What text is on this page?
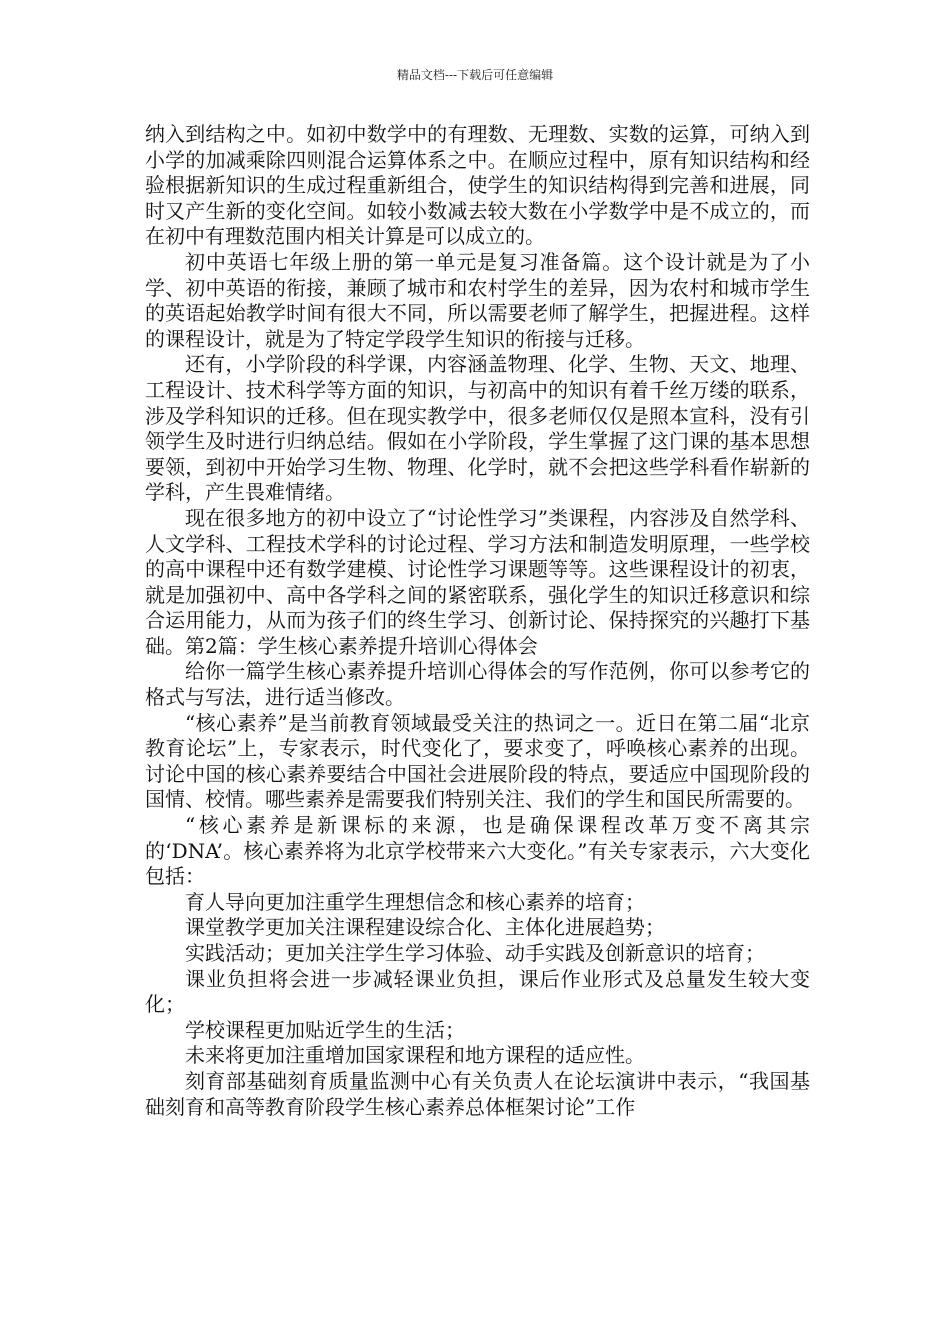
精品文档---下载后可任意编辑

纳入到结构之中。如初中数学中的有理数、无理数、实数的运算，可纳入到小学的加减乘除四则混合运算体系之中。在顺应过程中，原有知识结构和经验根据新知识的生成过程重新组合，使学生的知识结构得到完善和进展，同时又产生新的变化空间。如较小数减去较大数在小学数学中是不成立的，而在初中有理数范围内相关计算是可以成立的。

初中英语七年级上册的第一单元是复习准备篇。这个设计就是为了小学、初中英语的衔接，兼顾了城市和农村学生的差异，因为农村和城市学生的英语起始教学时间有很大不同，所以需要老师了解学生，把握进程。这样的课程设计，就是为了特定学段学生知识的衔接与迁移。

还有，小学阶段的科学课，内容涵盖物理、化学、生物、天文、地理、工程设计、技术科学等方面的知识，与初高中的知识有着千丝万缕的联系，涉及学科知识的迁移。但在现实教学中，很多老师仅仅是照本宣科，没有引领学生及时进行归纳总结。假如在小学阶段，学生掌握了这门课的基本思想要领，到初中开始学习生物、物理、化学时，就不会把这些学科看作崭新的学科，产生畏难情绪。

现在很多地方的初中设立了“讨论性学习”类课程，内容涉及自然学科、人文学科、工程技术学科的讨论过程、学习方法和制造发明原理，一些学校的高中课程中还有数学建模、讨论性学习课题等等。这些课程设计的初衷，就是加强初中、高中各学科之间的紧密联系，强化学生的知识迁移意识和综合运用能力，从而为孩子们的终生学习、创新讨论、保持探究的兴趣打下基础。第2篇：学生核心素养提升培训心得体会

给你一篇学生核心素养提升培训心得体会的写作范例，你可以参考它的格式与写法，进行适当修改。

“核心素养”是当前教育领域最受关注的热词之一。近日在第二届“北京教育论坛”上，专家表示，时代变化了，要求变了，呼唤核心素养的出现。讨论中国的核心素养要结合中国社会进展阶段的特点，要适应中国现阶段的国情、校情。哪些素养是需要我们特别关注、我们的学生和国民所需要的。

“核心素养是新课标的来源，也是确保课程改革万变不离其宗的‘DNA’。核心素养将为北京学校带来六大变化。”有关专家表示，六大变化包括：

育人导向更加注重学生理想信念和核心素养的培育；

课堂教学更加关注课程建设综合化、主体化进展趋势；

实践活动；更加关注学生学习体验、动手实践及创新意识的培育；

课业负担将会进一步减轻课业负担，课后作业形式及总量发生较大变化；

学校课程更加贴近学生的生活；

未来将更加注重增加国家课程和地方课程的适应性。

刻育部基础刻育质量监测中心有关负责人在论坛演讲中表示，“我国基础刻育和高等教育阶段学生核心素养总体框架讨论”工作
